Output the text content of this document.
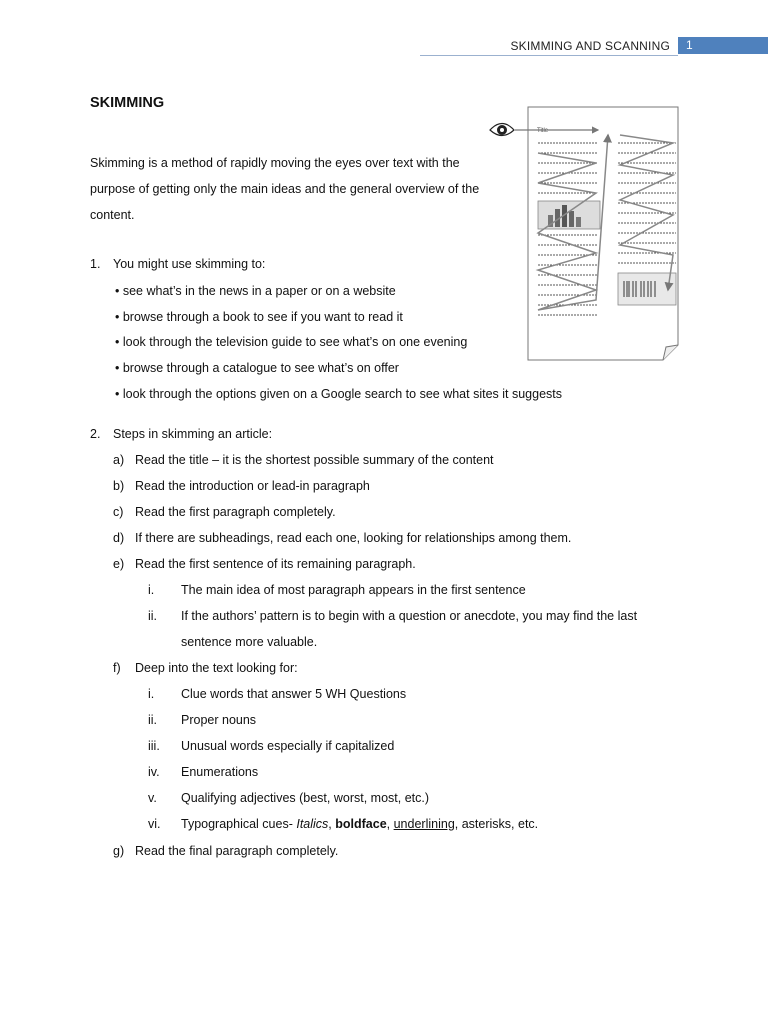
SKIMMING AND SCANNING	1
SKIMMING

Skimming is a method of rapidly moving the eyes over text with the purpose of getting only the main ideas and the general overview of the content.

Title
1. You might use skimming to:
• see what’s in the news in a paper or on a website
• browse through a book to see if you want to read it
• look through the television guide to see what’s on one evening
• browse through a catalogue to see what’s on offer
• look through the options given on a Google search to see what sites it suggests
2. Steps in skimming an article:
a) Read the title – it is the shortest possible summary of the content
b) Read the introduction or lead-in paragraph
c) Read the first paragraph completely.
d) If there are subheadings, read each one, looking for relationships among them.
e) Read the first sentence of its remaining paragraph.
i. The main idea of most paragraph appears in the first sentence
ii. If the authors’ pattern is to begin with a question or anecdote, you may find the last
sentence more valuable.
f) Deep into the text looking for:
i. Clue words that answer 5 WH Questions
ii. Proper nouns
iii. Unusual words especially if capitalized
iv. Enumerations
v. Qualifying adjectives (best, worst, most, etc.)
vi. Typographical cues- Italics, boldface, underlining, asterisks, etc.
g) Read the final paragraph completely.
